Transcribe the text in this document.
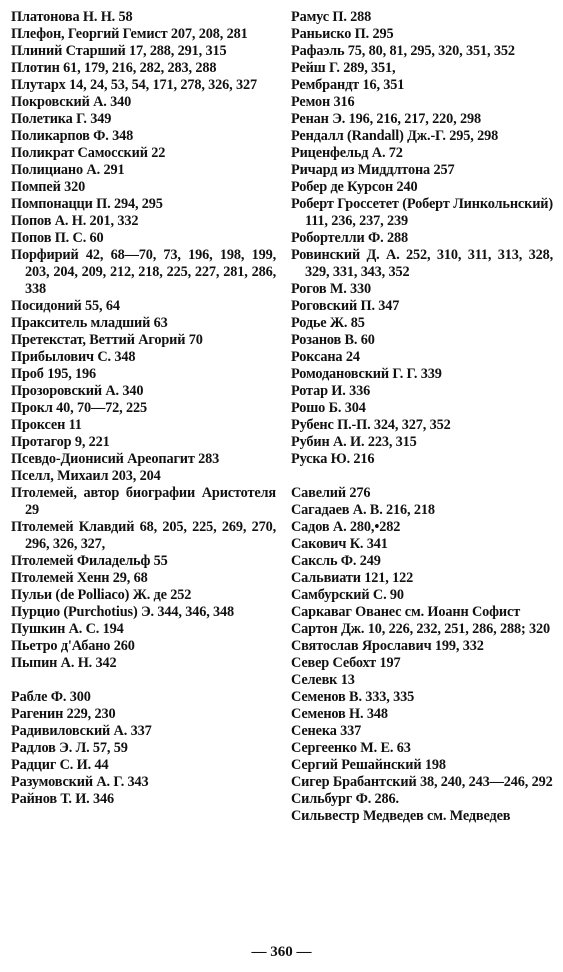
Платонова Н. Н. 58
Плефон, Георгий Гемист 207, 208, 281
Плиний Старший 17, 288, 291, 315
Плотин 61, 179, 216, 282, 283, 288
Плутарх 14, 24, 53, 54, 171, 278, 326, 327
Покровский А. 340
Полетика Г. 349
Поликарпов Ф. 348
Поликрат Самосский 22
Полициано А. 291
Помпей 320
Помпонацци П. 294, 295
Попов А. Н. 201, 332
Попов П. С. 60
Порфирий 42, 68—70, 73, 196, 198, 199, 203, 204, 209, 212, 218, 225, 227, 281, 286, 338
Посидоний 55, 64
Пракситель младший 63
Претекстат, Веттий Агорий 70
Прибылович С. 348
Проб 195, 196
Прозоровский А. 340
Прокл 40, 70—72, 225
Проксен 11
Протагор 9, 221
Псевдо-Дионисий Ареопагит 283
Пселл, Михаил 203, 204
Птолемей, автор биографии Аристотеля 29
Птолемей Клавдий 68, 205, 225, 269, 270, 296, 326, 327,
Птолемей Филадельф 55
Птолемей Хенн 29, 68
Пульи (de Polliaco) Ж. де 252
Пурцио (Purchotius) Э. 344, 346, 348
Пушкин А. С. 194
Пьетро д'Абано 260
Пыпин А. Н. 342
Рабле Ф. 300
Рагенин 229, 230
Радивиловский А. 337
Радлов Э. Л. 57, 59
Радциг С. И. 44
Разумовский А. Г. 343
Райнов Т. И. 346
Рамус П. 288
Раньиско П. 295
Рафаэль 75, 80, 81, 295, 320, 351, 352
Рейш Г. 289, 351,
Рембрандт 16, 351
Ремон 316
Ренан Э. 196, 216, 217, 220, 298
Рендалл (Randall) Дж.-Г. 295, 298
Риценфельд А. 72
Ричард из Миддлтона 257
Робер де Курсон 240
Роберт Гроссетет (Роберт Линкольнский) 111, 236, 237, 239
Робортелли Ф. 288
Ровинский Д. А. 252, 310, 311, 313, 328, 329, 331, 343, 352
Рогов М. 330
Роговский П. 347
Родье Ж. 85
Розанов В. 60
Роксана 24
Ромодановский Г. Г. 339
Ротар И. 336
Рошо Б. 304
Рубенс П.-П. 324, 327, 352
Рубин А. И. 223, 315
Руска Ю. 216
Савелий 276
Сагадаев А. В. 216, 218
Садов А. 280,•282
Сакович К. 341
Саксль Ф. 249
Сальвиати 121, 122
Самбурский С. 90
Саркаваг Ованес см. Иоанн Софист
Сартон Дж. 10, 226, 232, 251, 286, 288; 320
Святослав Ярославич 199, 332
Север Себохт 197
Селевк 13
Семенов В. 333, 335
Семенов Н. 348
Сенека 337
Сергеенко М. Е. 63
Сергий Решайнский 198
Сигер Брабантский 38, 240, 243—246, 292
Сильбург Ф. 286.
Сильвестр Медведев см. Медведев
— 360 —
